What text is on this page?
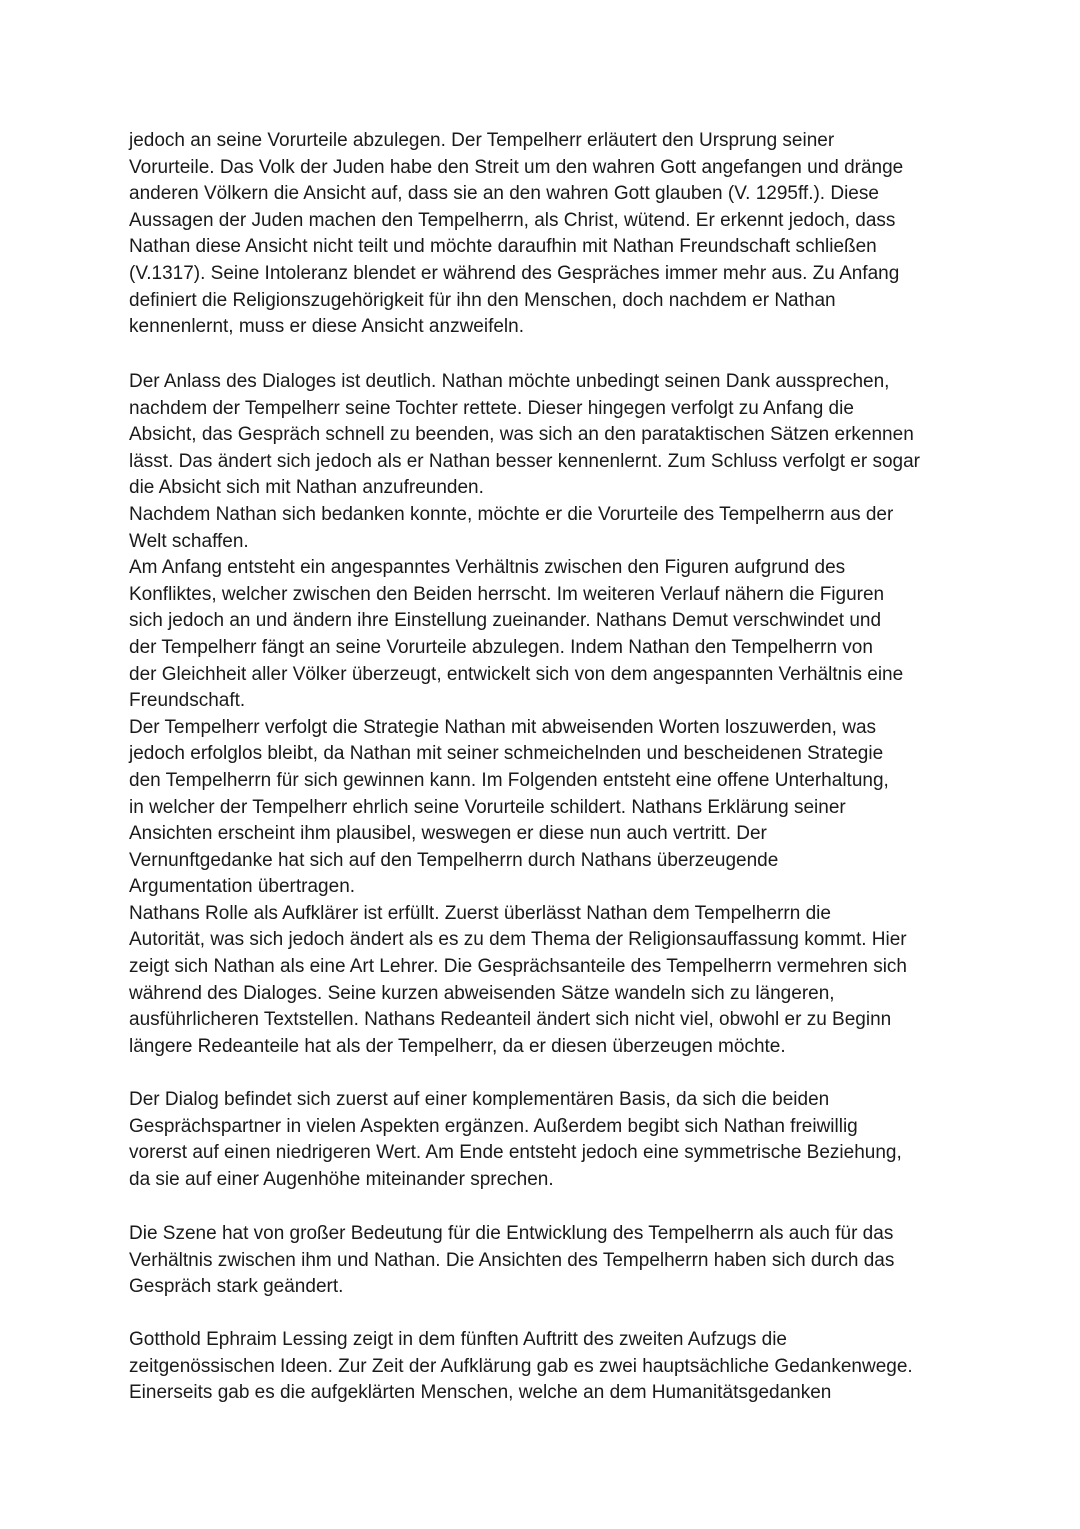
jedoch an seine Vorurteile abzulegen. Der Tempelherr erläutert den Ursprung seiner
Vorurteile. Das Volk der Juden habe den Streit um den wahren Gott angefangen und dränge
anderen Völkern die Ansicht auf, dass sie an den wahren Gott glauben (V. 1295ff.). Diese
Aussagen der Juden machen den Tempelherrn, als Christ, wütend. Er erkennt jedoch, dass
Nathan diese Ansicht nicht teilt und möchte daraufhin mit Nathan Freundschaft schließen
(V.1317). Seine Intoleranz blendet er während des Gespräches immer mehr aus. Zu Anfang
definiert die Religionszugehörigkeit für ihn den Menschen, doch nachdem er Nathan
kennenlernt, muss er diese Ansicht anzweifeln.
Der Anlass des Dialoges ist deutlich. Nathan möchte unbedingt seinen Dank aussprechen,
nachdem der Tempelherr seine Tochter rettete. Dieser hingegen verfolgt zu Anfang die
Absicht, das Gespräch schnell zu beenden, was sich an den parataktischen Sätzen erkennen
lässt. Das ändert sich jedoch als er Nathan besser kennenlernt. Zum Schluss verfolgt er sogar
die Absicht sich mit Nathan anzufreunden.
Nachdem Nathan sich bedanken konnte, möchte er die Vorurteile des Tempelherrn aus der
Welt schaffen.
Am Anfang entsteht ein angespanntes Verhältnis zwischen den Figuren aufgrund des
Konfliktes, welcher zwischen den Beiden herrscht. Im weiteren Verlauf nähern die Figuren
sich jedoch an und ändern ihre Einstellung zueinander. Nathans Demut verschwindet und
der Tempelherr fängt an seine Vorurteile abzulegen. Indem Nathan den Tempelherrn von
der Gleichheit aller Völker überzeugt, entwickelt sich von dem angespannten Verhältnis eine
Freundschaft.
Der Tempelherr verfolgt die Strategie Nathan mit abweisenden Worten loszuwerden, was
jedoch erfolglos bleibt, da Nathan mit seiner schmeichelnden und bescheidenen Strategie
den Tempelherrn für sich gewinnen kann. Im Folgenden entsteht eine offene Unterhaltung,
in welcher der Tempelherr ehrlich seine Vorurteile schildert. Nathans Erklärung seiner
Ansichten erscheint ihm plausibel, weswegen er diese nun auch vertritt. Der
Vernunftgedanke hat sich auf den Tempelherrn durch Nathans überzeugende
Argumentation übertragen.
Nathans Rolle als Aufklärer ist erfüllt. Zuerst überlässt Nathan dem Tempelherrn die
Autorität, was sich jedoch ändert als es zu dem Thema der Religionsauffassung kommt. Hier
zeigt sich Nathan als eine Art Lehrer. Die Gesprächsanteile des Tempelherrn vermehren sich
während des Dialoges. Seine kurzen abweisenden Sätze wandeln sich zu längeren,
ausführlicheren Textstellen. Nathans Redeanteil ändert sich nicht viel, obwohl er zu Beginn
längere Redeanteile hat als der Tempelherr, da er diesen überzeugen möchte.
Der Dialog befindet sich zuerst auf einer komplementären Basis, da sich die beiden
Gesprächspartner in vielen Aspekten ergänzen. Außerdem begibt sich Nathan freiwillig
vorerst auf einen niedrigeren Wert. Am Ende entsteht jedoch eine symmetrische Beziehung,
da sie auf einer Augenhöhe miteinander sprechen.
Die Szene hat von großer Bedeutung für die Entwicklung des Tempelherrn als auch für das
Verhältnis zwischen ihm und Nathan. Die Ansichten des Tempelherrn haben sich durch das
Gespräch stark geändert.
Gotthold Ephraim Lessing zeigt in dem fünften Auftritt des zweiten Aufzugs die
zeitgenössischen Ideen. Zur Zeit der Aufklärung gab es zwei hauptsächliche Gedankenwege.
Einerseits gab es die aufgeklärten Menschen, welche an dem Humanitätsgedanken
